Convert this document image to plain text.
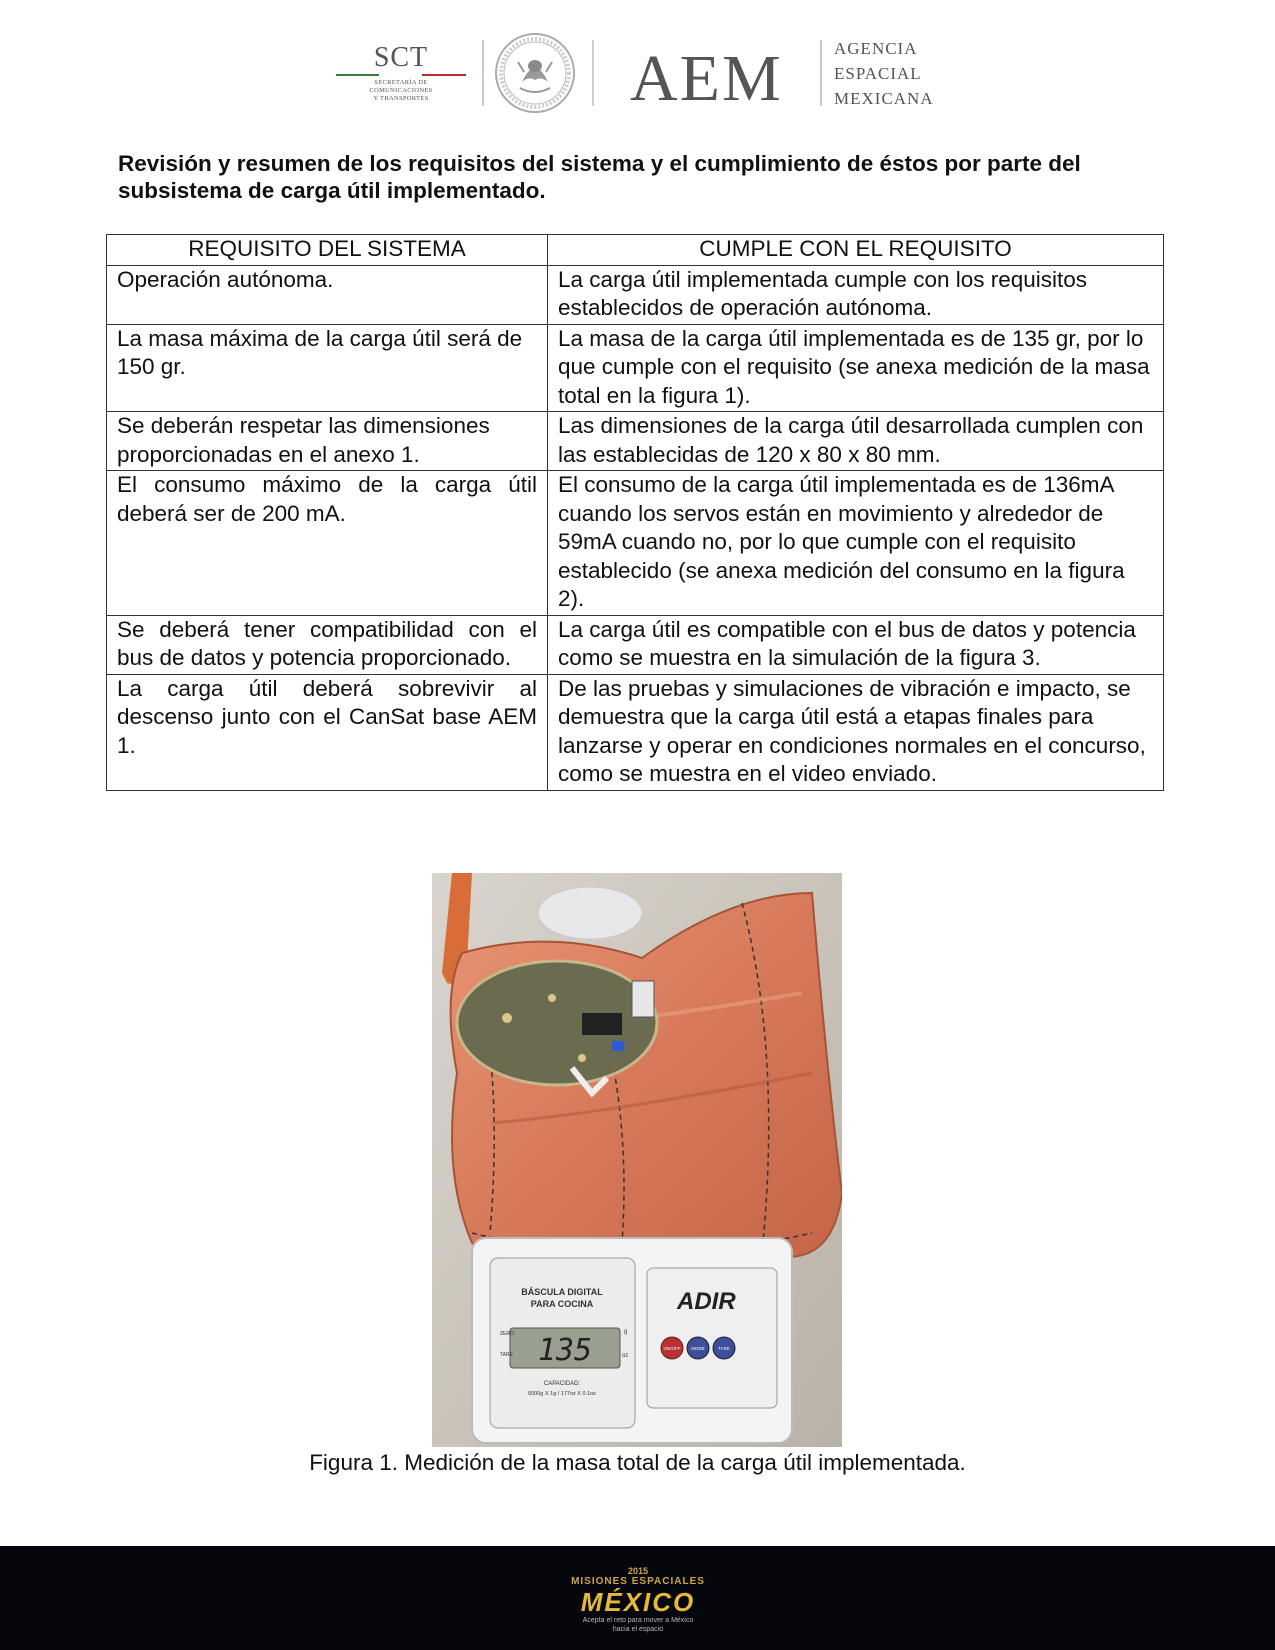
SCT
SECRETARÍA DE
COMUNICACIONES
Y TRANSPORTES	AEM	AGENCIA
ESPACIAL
MEXICANA
Revisión y resumen de los requisitos del sistema y el cumplimiento de éstos por parte del subsistema de carga útil implementado.
REQUISITO DEL SISTEMA	CUMPLE CON EL REQUISITO
Operación autónoma.	La carga útil implementada cumple con los requisitos establecidos de operación autónoma.
La masa máxima de la carga útil será de 150 gr.	La masa de la carga útil implementada es de 135 gr, por lo que cumple con el requisito (se anexa medición de la masa total en la figura 1).
Se deberán respetar las dimensiones proporcionadas en el anexo 1.	Las dimensiones de la carga útil desarrollada cumplen con las establecidas de 120 x 80 x 80 mm.
El consumo máximo de la carga útil deberá ser de 200 mA.	El consumo de la carga útil implementada es de 136mA cuando los servos están en movimiento y alrededor de 59mA cuando no, por lo que cumple con el requisito establecido (se anexa medición del consumo en la figura 2).
Se deberá tener compatibilidad con el bus de datos y potencia proporcionado.	La carga útil es compatible con el bus de datos y potencia como se muestra en la simulación de la figura 3.
La carga útil deberá sobrevivir al descenso junto con el CanSat base AEM 1.	De las pruebas y simulaciones de vibración e impacto, se demuestra que la carga útil está a etapas finales para lanzarse y operar en condiciones normales en el concurso, como se muestra en el video enviado.
BÁSCULA DIGITAL
PARA COCINA
135
ZERO
TARE
g
oz
CAPACIDAD:
5000g X 1g / 177oz X 0.1oz
ADIR
ON/OFF MODE	TARE
Figura 1. Medición de la masa total de la carga útil implementada.
2015
MISIONES ESPACIALES
MÉXICO
Acepta el reto para mover a México
hacia el espacio
